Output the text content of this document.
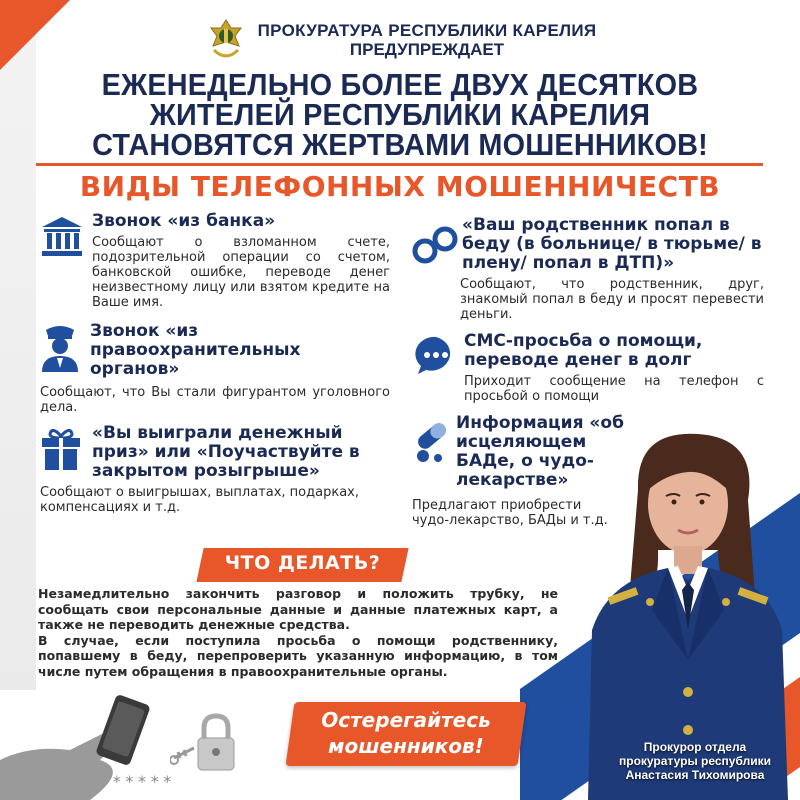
ПРОКУРАТУРА РЕСПУБЛИКИ КАРЕЛИЯ
ПРЕДУПРЕЖДАЕТ
ЕЖЕНЕДЕЛЬНО БОЛЕЕ ДВУХ ДЕСЯТКОВ
ЖИТЕЛЕЙ РЕСПУБЛИКИ КАРЕЛИЯ
СТАНОВЯТСЯ ЖЕРТВАМИ МОШЕННИКОВ!
ВИДЫ ТЕЛЕФОННЫХ МОШЕННИЧЕСТВ
Звонок «из банка»
Сообщают о взломанном счете, подозрительной операции со счетом, банковской ошибке, переводе денег неизвестному лицу или взятом кредите на Ваше имя.
Звонок «из правоохранительных органов»
Сообщают, что Вы стали фигурантом уголовного дела.
«Вы выиграли денежный приз» или «Поучаствуйте в закрытом розыгрыше»
Сообщают о выигрышах, выплатах, подарках, компенсациях и т.д.
«Ваш родственник попал в беду (в больнице/ в тюрьме/ в плену/ попал в ДТП)»
Сообщают, что родственник, друг, знакомый попал в беду и просят перевести деньги.
СМС-просьба о помощи, переводе денег в долг
Приходит сообщение на телефон с просьбой о помощи
Информация «об исцеляющем БАДе, о чудо-лекарстве»
Предлагают приобрести чудо-лекарство, БАДы и т.д.
ЧТО ДЕЛАТЬ?

Незамедлительно закончить разговор и положить трубку, не сообщать свои персональные данные и данные платежных карт, а также не переводить денежные средства.

В случае, если поступила просьба о помощи родственнику, попавшему в беду, перепроверить указанную информацию, в том числе путем обращения в правоохранительные органы.

*****
Остерегайтесь
мошенников!	Прокурор отдела
прокуратуры республики
Анастасия Тихомирова
